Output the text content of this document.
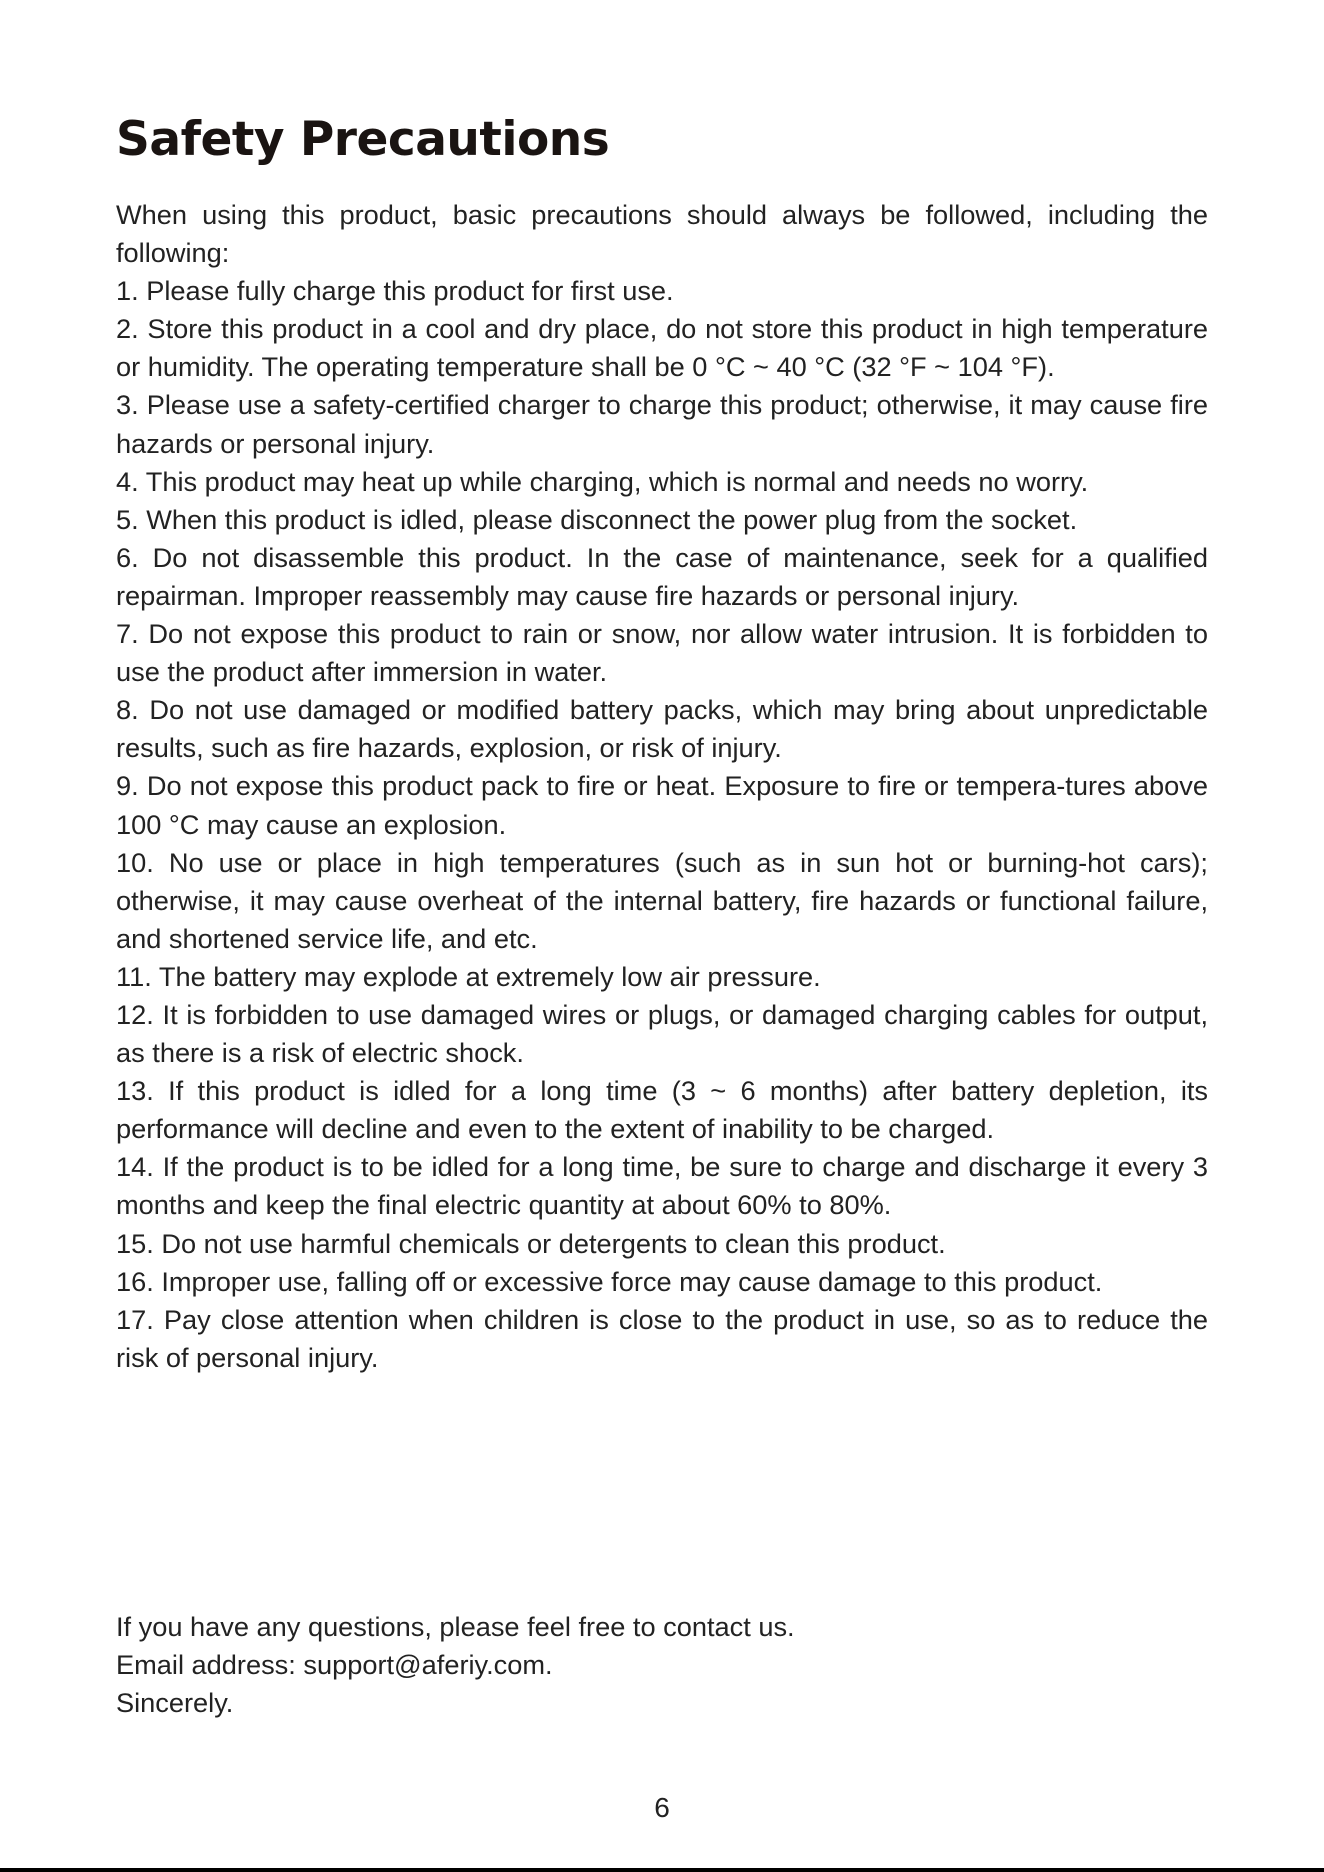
Safety Precautions

When using this product, basic precautions should always be followed, including the following:

1. Please fully charge this product for first use.

2. Store this product in a cool and dry place, do not store this product in high temperature or humidity. The operating temperature shall be 0 °C ~ 40 °C (32 °F ~ 104 °F).

3. Please use a safety-certified charger to charge this product; otherwise, it may cause fire hazards or personal injury.

4. This product may heat up while charging, which is normal and needs no worry.

5. When this product is idled, please disconnect the power plug from the socket.

6. Do not disassemble this product. In the case of maintenance, seek for a qualified repairman. Improper reassembly may cause fire hazards or personal injury.

7. Do not expose this product to rain or snow, nor allow water intrusion. It is forbidden to use the product after immersion in water.

8. Do not use damaged or modified battery packs, which may bring about unpredictable results, such as fire hazards, explosion, or risk of injury.

9. Do not expose this product pack to fire or heat. Exposure to fire or tempera-tures above 100 °C may cause an explosion.

10. No use or place in high temperatures (such as in sun hot or burning-hot cars); otherwise, it may cause overheat of the internal battery, fire hazards or functional failure, and shortened service life, and etc.

11. The battery may explode at extremely low air pressure.

12. It is forbidden to use damaged wires or plugs, or damaged charging cables for output, as there is a risk of electric shock.

13. If this product is idled for a long time (3 ~ 6 months) after battery depletion, its performance will decline and even to the extent of inability to be charged.

14. If the product is to be idled for a long time, be sure to charge and discharge it every 3 months and keep the final electric quantity at about 60% to 80%.

15. Do not use harmful chemicals or detergents to clean this product.

16. Improper use, falling off or excessive force may cause damage to this product.

17. Pay close attention when children is close to the product in use, so as to reduce the risk of personal injury.

If you have any questions, please feel free to contact us.

Email address: support@aferiy.com.

Sincerely.

6
